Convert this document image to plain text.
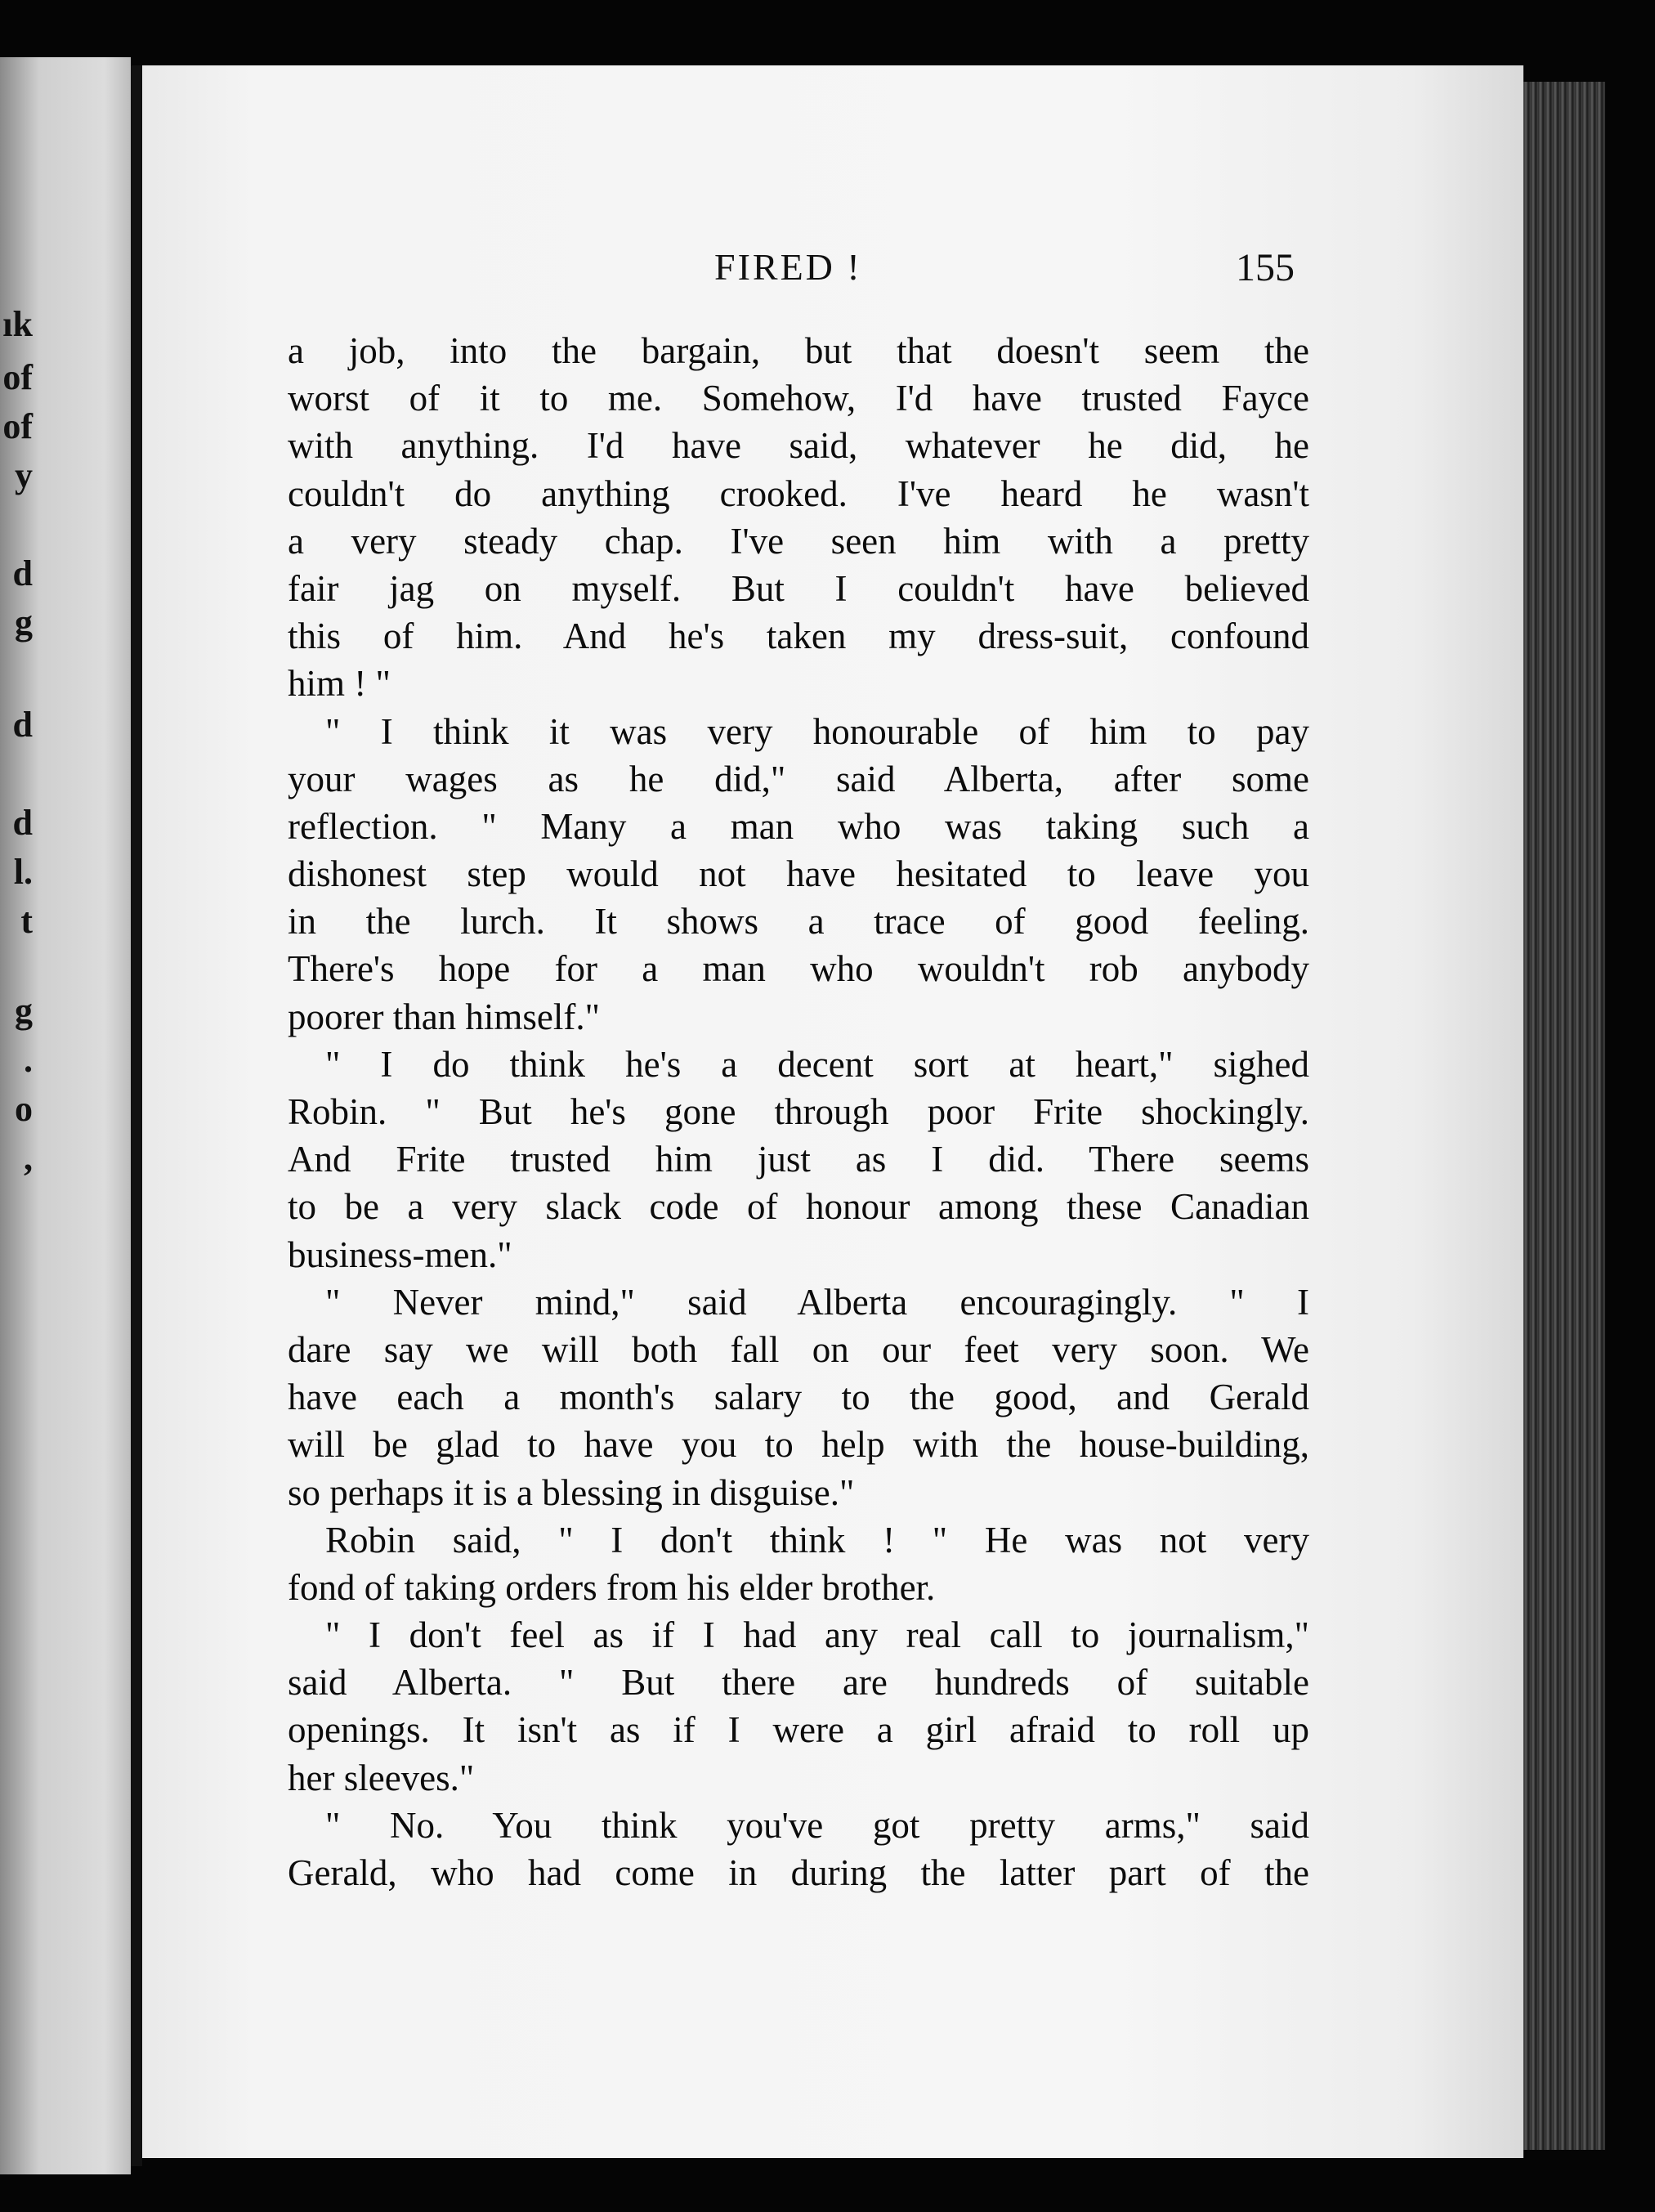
ık
of
of
y
d
g
d
d
l.
t
g
.
o
,
FIRED !	155
a job, into the bargain, but that doesn't seem the
worst of it to me. Somehow, I'd have trusted Fayce
with anything. I'd have said, whatever he did, he
couldn't do anything crooked. I've heard he wasn't
a very steady chap. I've seen him with a pretty
fair jag on myself. But I couldn't have believed
this of him. And he's taken my dress-suit, confound
him ! "
" I think it was very honourable of him to pay
your wages as he did," said Alberta, after some
reflection. " Many a man who was taking such a
dishonest step would not have hesitated to leave you
in the lurch. It shows a trace of good feeling.
There's hope for a man who wouldn't rob anybody
poorer than himself."
" I do think he's a decent sort at heart," sighed
Robin. " But he's gone through poor Frite shockingly.
And Frite trusted him just as I did. There seems
to be a very slack code of honour among these Canadian
business-men."
" Never mind," said Alberta encouragingly. " I
dare say we will both fall on our feet very soon. We
have each a month's salary to the good, and Gerald
will be glad to have you to help with the house-building,
so perhaps it is a blessing in disguise."
Robin said, " I don't think ! " He was not very
fond of taking orders from his elder brother.
" I don't feel as if I had any real call to journalism,"
said Alberta. " But there are hundreds of suitable
openings. It isn't as if I were a girl afraid to roll up
her sleeves."
" No. You think you've got pretty arms," said
Gerald, who had come in during the latter part of the
